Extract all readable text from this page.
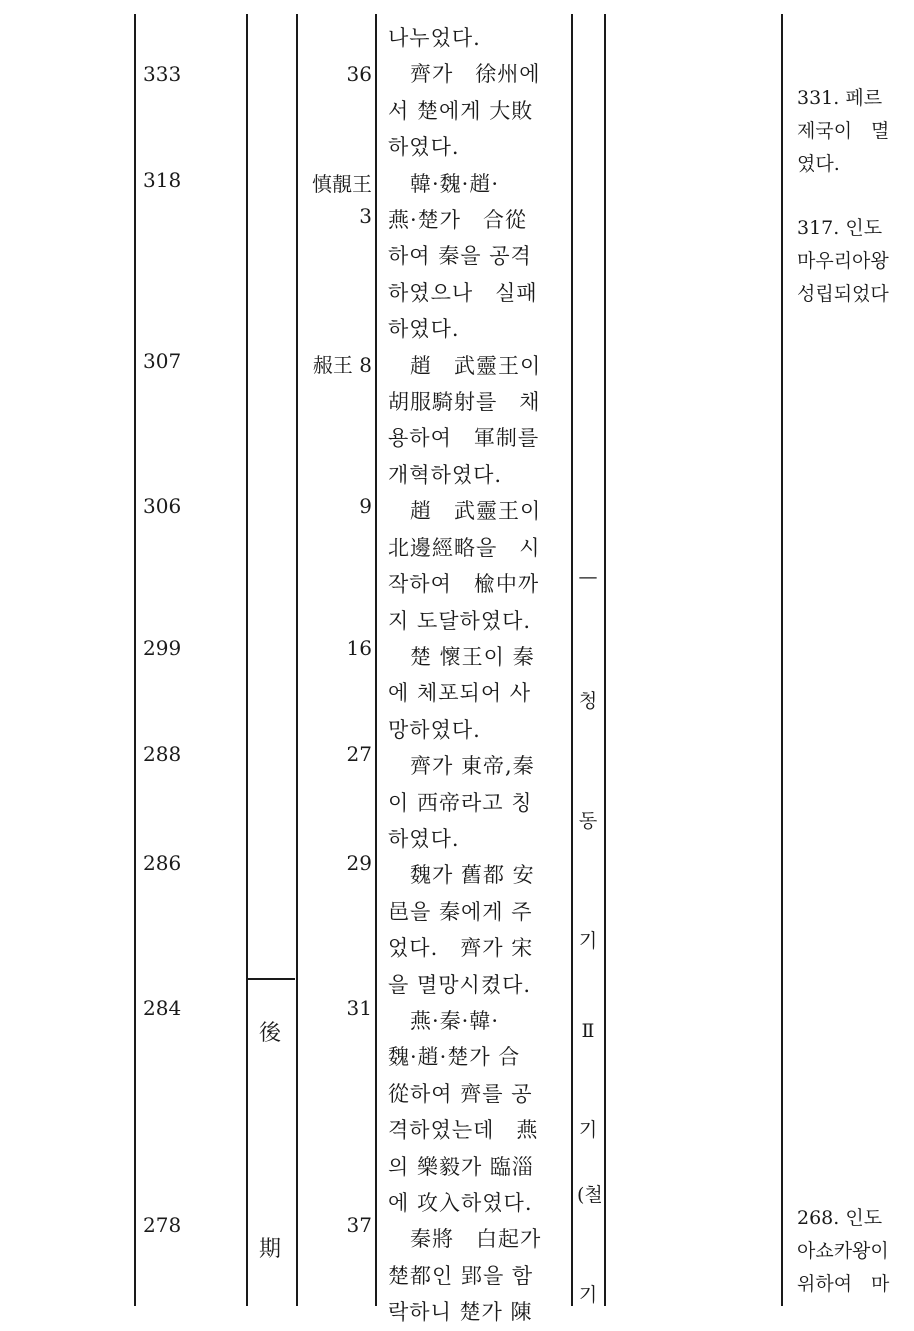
333
318
307
306
299
288
286
284
278
後
期
36
慎靚王
3
赧王 8
9
16
27
29
31
37
나누었다.
　齊가　徐州에
서 楚에게 大敗
하였다.
　韓·魏·趙·
燕·楚가　合從
하여 秦을 공격
하였으나　실패
하였다.
　趙　武靈王이
胡服騎射를　채
용하여　軍制를
개혁하였다.
　趙　武靈王이
北邊經略을　시
작하여　楡中까
지 도달하였다.
　楚 懷王이 秦
에 체포되어 사
망하였다.
　齊가 東帝,秦
이 西帝라고 칭
하였다.
　魏가 舊都 安
邑을 秦에게 주
었다.　齊가 宋
을 멸망시켰다.
　燕·秦·韓·
魏·趙·楚가 合
從하여 齊를 공
격하였는데　燕
의 樂毅가 臨淄
에 攻入하였다.
　秦將　白起가
楚都인 郢을 함
락하니 楚가 陳
—
청
동
기
Ⅱ
기
(철
기
331. 페르
제국이　멸
였다.
317. 인도
마우리아왕
성립되었다
268. 인도
아쇼카왕이
위하여　마
